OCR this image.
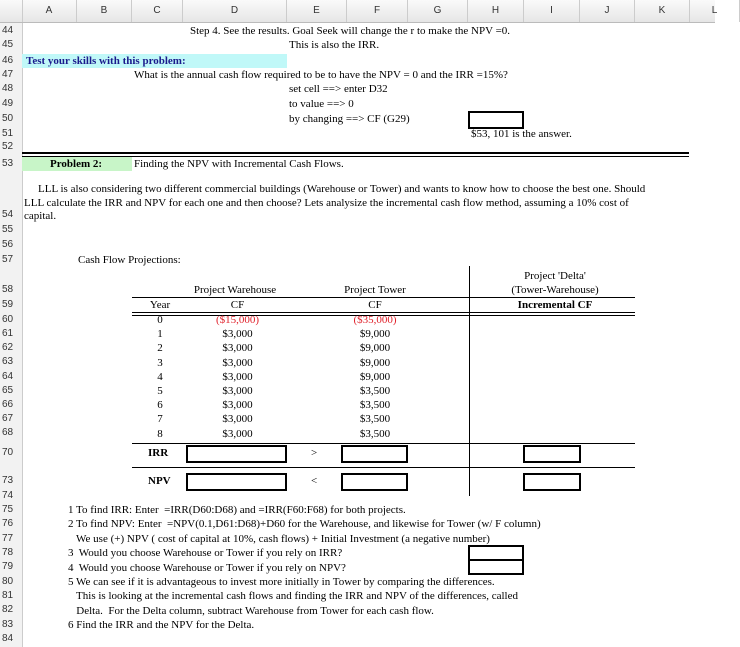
A	B	C	D	E	F	G	H	I	J	K	L
44
45
46
47
48
49
50
51
52
53
54
55
56
57
58
59
60
61
62
63
64
65
66
67
68
70
73
74
75
76
77
78
79
80
81
82
83
84
Step 4. See the results. Goal Seek will change the r to make the NPV =0.
This is also the IRR.
Test your skills with this problem:
What is the annual cash flow required to be to have the NPV = 0 and the IRR =15%?
set cell ==> enter D32
to value ==> 0
by changing ==> CF (G29)
$53, 101 is the answer.
Problem 2:	Finding the NPV with Incremental Cash Flows.
LLL is also considering two different commercial buildings (Warehouse or Tower) and wants to know how to choose the best one. Should
LLL calculate the IRR and NPV for each one and then choose? Lets analysize the incremental cash flow method, assuming a 10% cost of
capital.
Cash Flow Projections:
Project Warehouse	Project Tower
Project 'Delta'
(Tower-Warehouse)
Year	CF	CF	Incremental CF
0	($15,000)	($35,000)
1	$3,000	$9,000
2	$3,000	$9,000
3	$3,000	$9,000
4	$3,000	$9,000
5	$3,000	$3,500
6	$3,000	$3,500
7	$3,000	$3,500
8	$3,000	$3,500
IRR	>
NPV	<
1 To find IRR: Enter  =IRR(D60:D68) and =IRR(F60:F68) for both projects.
2 To find NPV: Enter  =NPV(0.1,D61:D68)+D60 for the Warehouse, and likewise for Tower (w/ F column)
We use (+) NPV ( cost of capital at 10%, cash flows) + Initial Investment (a negative number)
3  Would you choose Warehouse or Tower if you rely on IRR?
4  Would you choose Warehouse or Tower if you rely on NPV?
5 We can see if it is advantageous to invest more initially in Tower by comparing the differences.
This is looking at the incremental cash flows and finding the IRR and NPV of the differences, called
Delta.  For the Delta column, subtract Warehouse from Tower for each cash flow.
6 Find the IRR and the NPV for the Delta.
